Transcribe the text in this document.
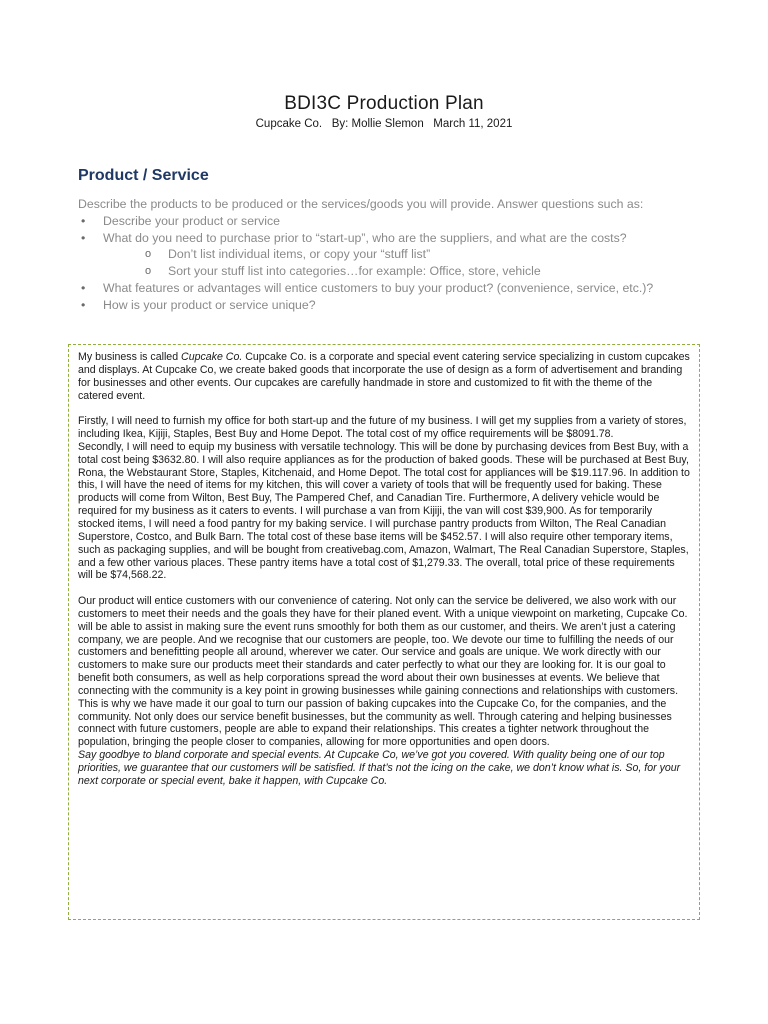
BDI3C Production Plan
Cupcake Co.   By: Mollie Slemon   March 11, 2021
Product / Service

Describe the products to be produced or the services/goods you will provide. Answer questions such as:

• Describe your product or service
• What do you need to purchase prior to “start-up”, who are the suppliers, and what are the costs?
o Don’t list individual items, or copy your “stuff list”
o Sort your stuff list into categories…for example: Office, store, vehicle
• What features or advantages will entice customers to buy your product? (convenience, service, etc.)?
• How is your product or service unique?

My business is called Cupcake Co. Cupcake Co. is a corporate and special event catering service specializing in custom cupcakes and displays. At Cupcake Co, we create baked goods that incorporate the use of design as a form of advertisement and branding for businesses and other events. Our cupcakes are carefully handmade in store and customized to fit with the theme of the catered event.

Firstly, I will need to furnish my office for both start-up and the future of my business. I will get my supplies from a variety of stores, including Ikea, Kijiji, Staples, Best Buy and Home Depot. The total cost of my office requirements will be $8091.78.

Secondly, I will need to equip my business with versatile technology. This will be done by purchasing devices from Best Buy, with a total cost being $3632.80. I will also require appliances as for the production of baked goods. These will be purchased at Best Buy, Rona, the Webstaurant Store, Staples, Kitchenaid, and Home Depot. The total cost for appliances will be $19.117.96. In addition to this, I will have the need of items for my kitchen, this will cover a variety of tools that will be frequently used for baking. These products will come from Wilton, Best Buy, The Pampered Chef, and Canadian Tire. Furthermore, A delivery vehicle would be required for my business as it caters to events. I will purchase a van from Kijiji, the van will cost $39,900. As for temporarily stocked items, I will need a food pantry for my baking service. I will purchase pantry products from Wilton, The Real Canadian Superstore, Costco, and Bulk Barn. The total cost of these base items will be $452.57. I will also require other temporary items, such as packaging supplies, and will be bought from creativebag.com, Amazon, Walmart, The Real Canadian Superstore, Staples, and a few other various places. These pantry items have a total cost of $1,279.33. The overall, total price of these requirements will be $74,568.22.

Our product will entice customers with our convenience of catering. Not only can the service be delivered, we also work with our customers to meet their needs and the goals they have for their planed event. With a unique viewpoint on marketing, Cupcake Co. will be able to assist in making sure the event runs smoothly for both them as our customer, and theirs. We aren’t just a catering company, we are people. And we recognise that our customers are people, too. We devote our time to fulfilling the needs of our customers and benefitting people all around, wherever we cater. Our service and goals are unique. We work directly with our customers to make sure our products meet their standards and cater perfectly to what our they are looking for. It is our goal to benefit both consumers, as well as help corporations spread the word about their own businesses at events. We believe that connecting with the community is a key point in growing businesses while gaining connections and relationships with customers. This is why we have made it our goal to turn our passion of baking cupcakes into the Cupcake Co, for the companies, and the community. Not only does our service benefit businesses, but the community as well. Through catering and helping businesses connect with future customers, people are able to expand their relationships. This creates a tighter network throughout the population, bringing the people closer to companies, allowing for more opportunities and open doors.

Say goodbye to bland corporate and special events. At Cupcake Co, we’ve got you covered. With quality being one of our top priorities, we guarantee that our customers will be satisfied. If that’s not the icing on the cake, we don’t know what is. So, for your next corporate or special event, bake it happen, with Cupcake Co.
